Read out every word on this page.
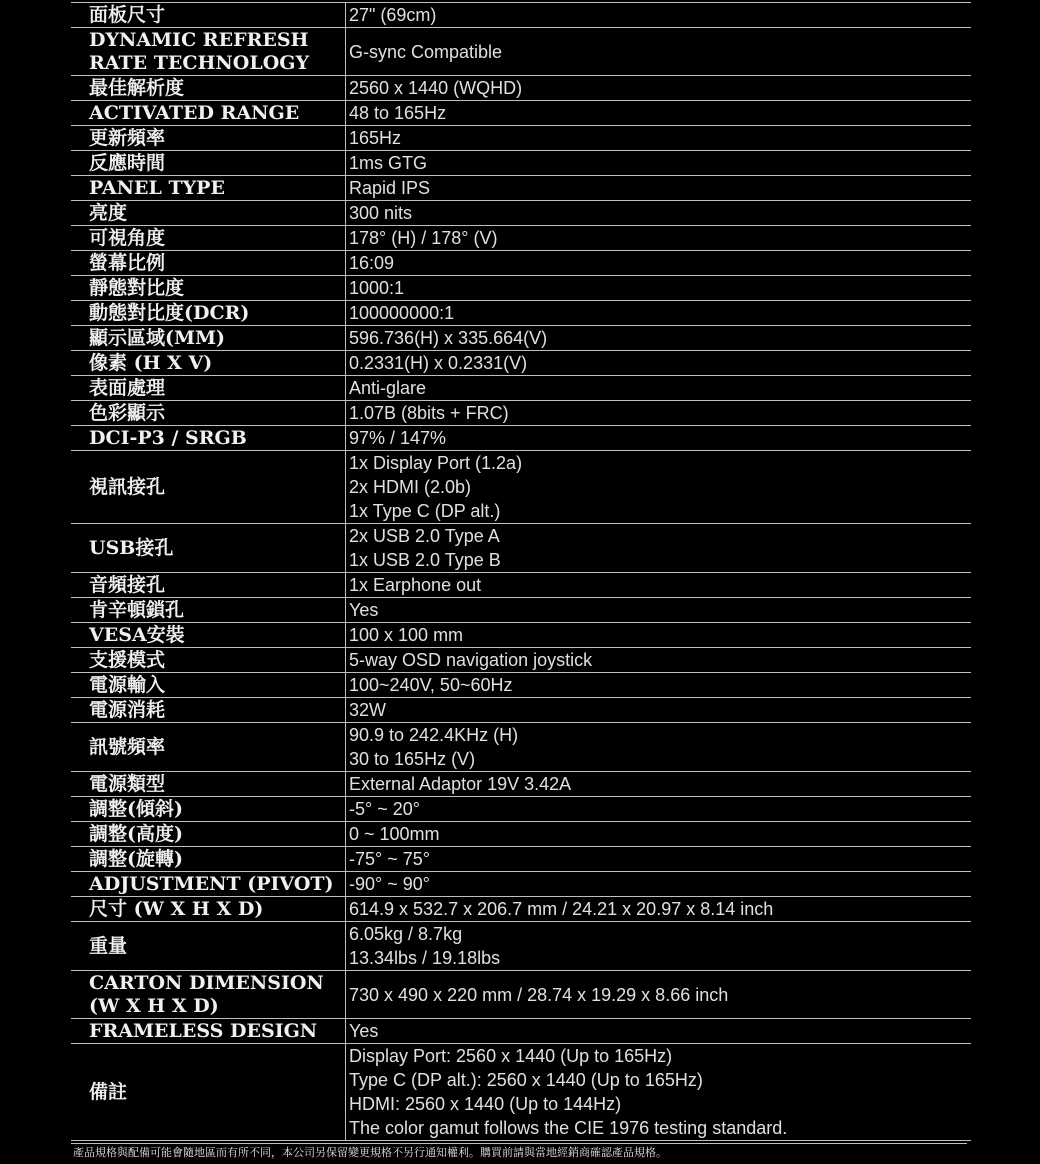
面板尺寸	27" (69cm)

DYNAMIC REFRESH RATE TECHNOLOGY	G-sync Compatible

最佳解析度	2560 x 1440 (WQHD)

ACTIVATED RANGE	48 to 165Hz

更新頻率	165Hz

反應時間	1ms GTG

PANEL TYPE	Rapid IPS

亮度	300 nits

可視角度	178° (H) / 178° (V)

螢幕比例	16:09

靜態對比度	1000:1

動態對比度(DCR)	100000000:1

顯示區域(MM)	596.736(H) x 335.664(V)

像素 (H X V)	0.2331(H) x 0.2331(V)

表面處理	Anti-glare

色彩顯示	1.07B (8bits + FRC)

DCI-P3 / SRGB	97% / 147%

視訊接孔	1x Display Port (1.2a)
2x HDMI (2.0b)
1x Type C (DP alt.)

USB接孔	2x USB 2.0 Type A
1x USB 2.0 Type B

音頻接孔	1x Earphone out

肯辛頓鎖孔	Yes

VESA安裝	100 x 100 mm

支援模式	5-way OSD navigation joystick

電源輸入	100~240V, 50~60Hz

電源消耗	32W

訊號頻率	90.9 to 242.4KHz (H)
30 to 165Hz (V)

電源類型	External Adaptor 19V 3.42A

調整(傾斜)	-5° ~ 20°

調整(高度)	0 ~ 100mm

調整(旋轉)	-75° ~ 75°

ADJUSTMENT (PIVOT)	-90° ~ 90°

尺寸 (W X H X D)	614.9 x 532.7 x 206.7 mm / 24.21 x 20.97 x 8.14 inch

重量	6.05kg / 8.7kg
13.34lbs / 19.18lbs

CARTON DIMENSION (W X H X D)	730 x 490 x 220 mm / 28.74 x 19.29 x 8.66 inch

FRAMELESS DESIGN	Yes

備註	Display Port: 2560 x 1440 (Up to 165Hz)
Type C (DP alt.): 2560 x 1440 (Up to 165Hz)
HDMI: 2560 x 1440 (Up to 144Hz)
The color gamut follows the CIE 1976 testing standard.
產品規格與配備可能會隨地區而有所不同，本公司另保留變更規格不另行通知權利。購買前請與當地經銷商確認產品規格。
